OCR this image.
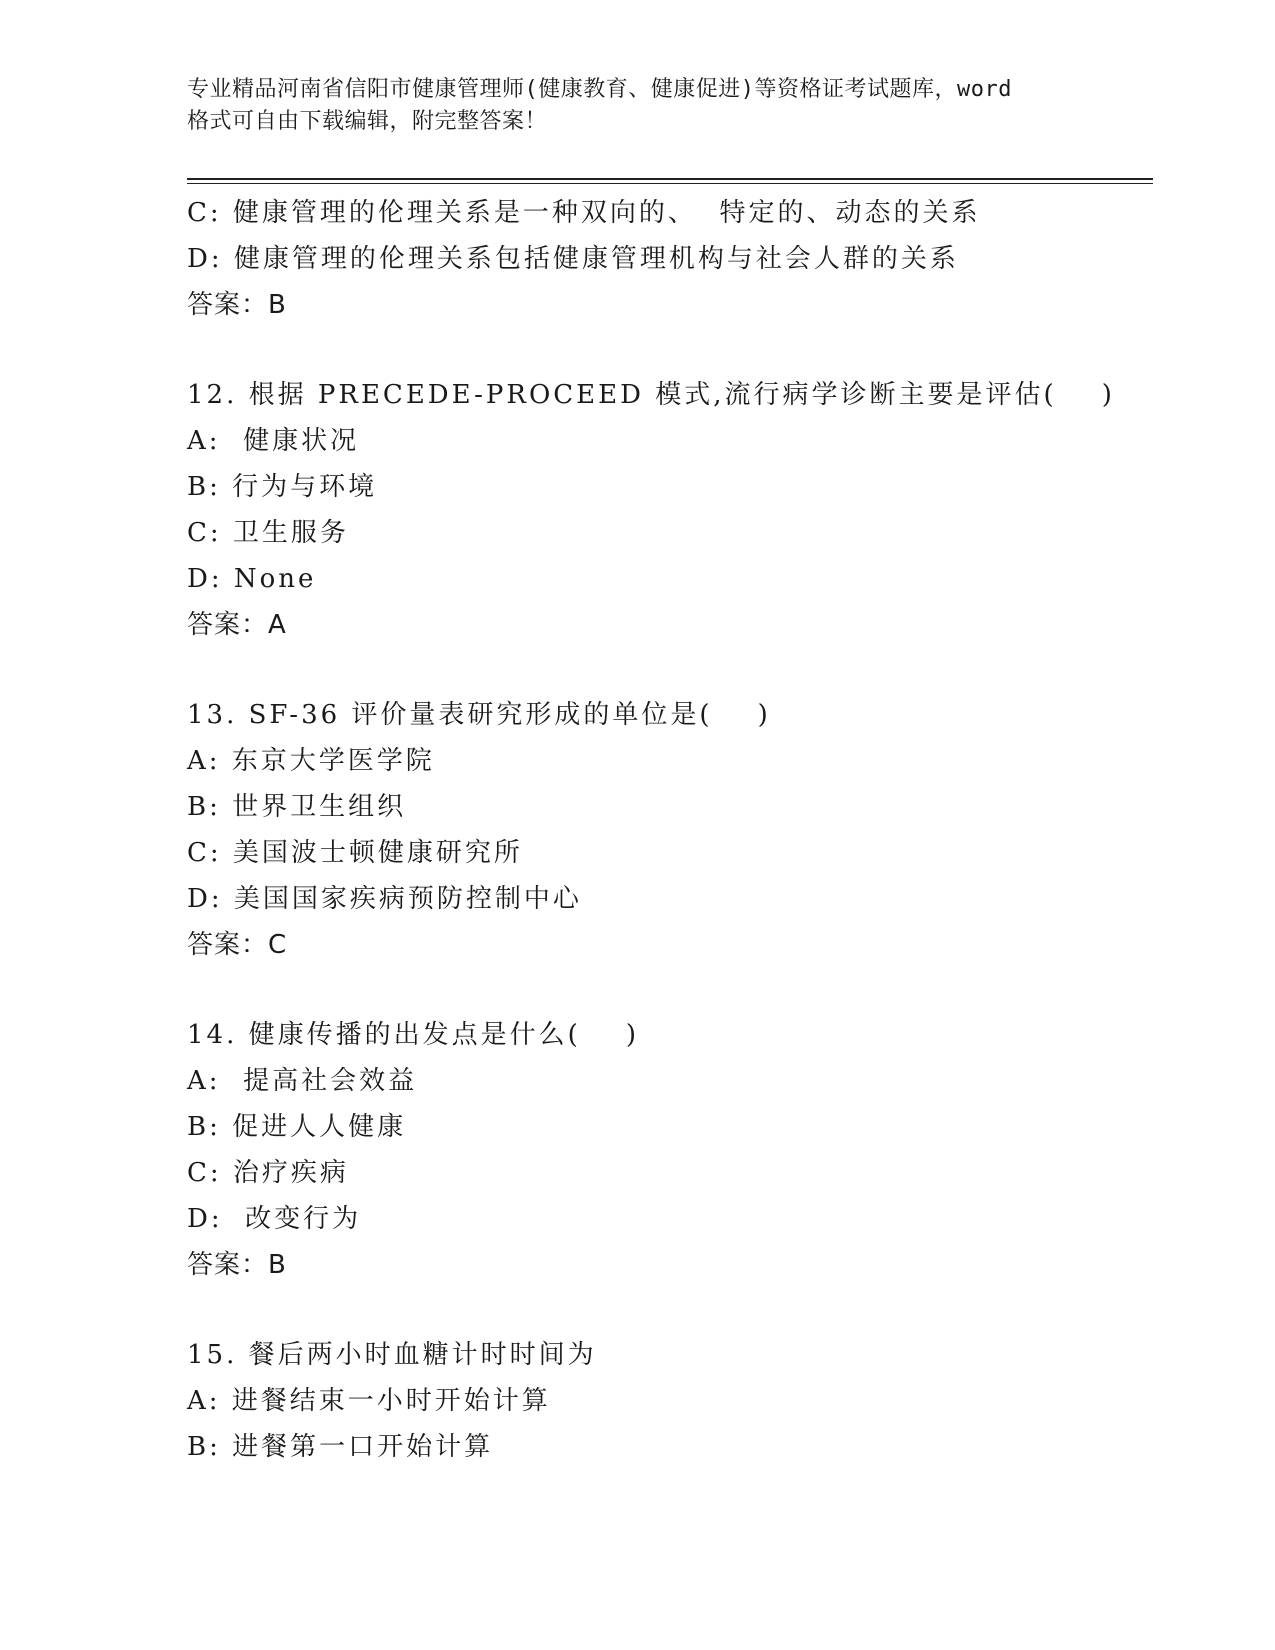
专业精品河南省信阳市健康管理师(健康教育、健康促进)等资格证考试题库，word
格式可自由下载编辑，附完整答案！
C: 健康管理的伦理关系是一种双向的、  特定的、动态的关系
D: 健康管理的伦理关系包括健康管理机构与社会人群的关系
答案：B
12. 根据 PRECEDE-PROCEED 模式,流行病学诊断主要是评估(    )
A:  健康状况
B: 行为与环境
C: 卫生服务
D: None
答案：A
13. SF-36 评价量表研究形成的单位是(    )
A: 东京大学医学院
B: 世界卫生组织
C: 美国波士顿健康研究所
D: 美国国家疾病预防控制中心
答案：C
14. 健康传播的出发点是什么(    )
A:  提高社会效益
B: 促进人人健康
C: 治疗疾病
D:  改变行为
答案：B
15. 餐后两小时血糖计时时间为
A: 进餐结束一小时开始计算
B: 进餐第一口开始计算
